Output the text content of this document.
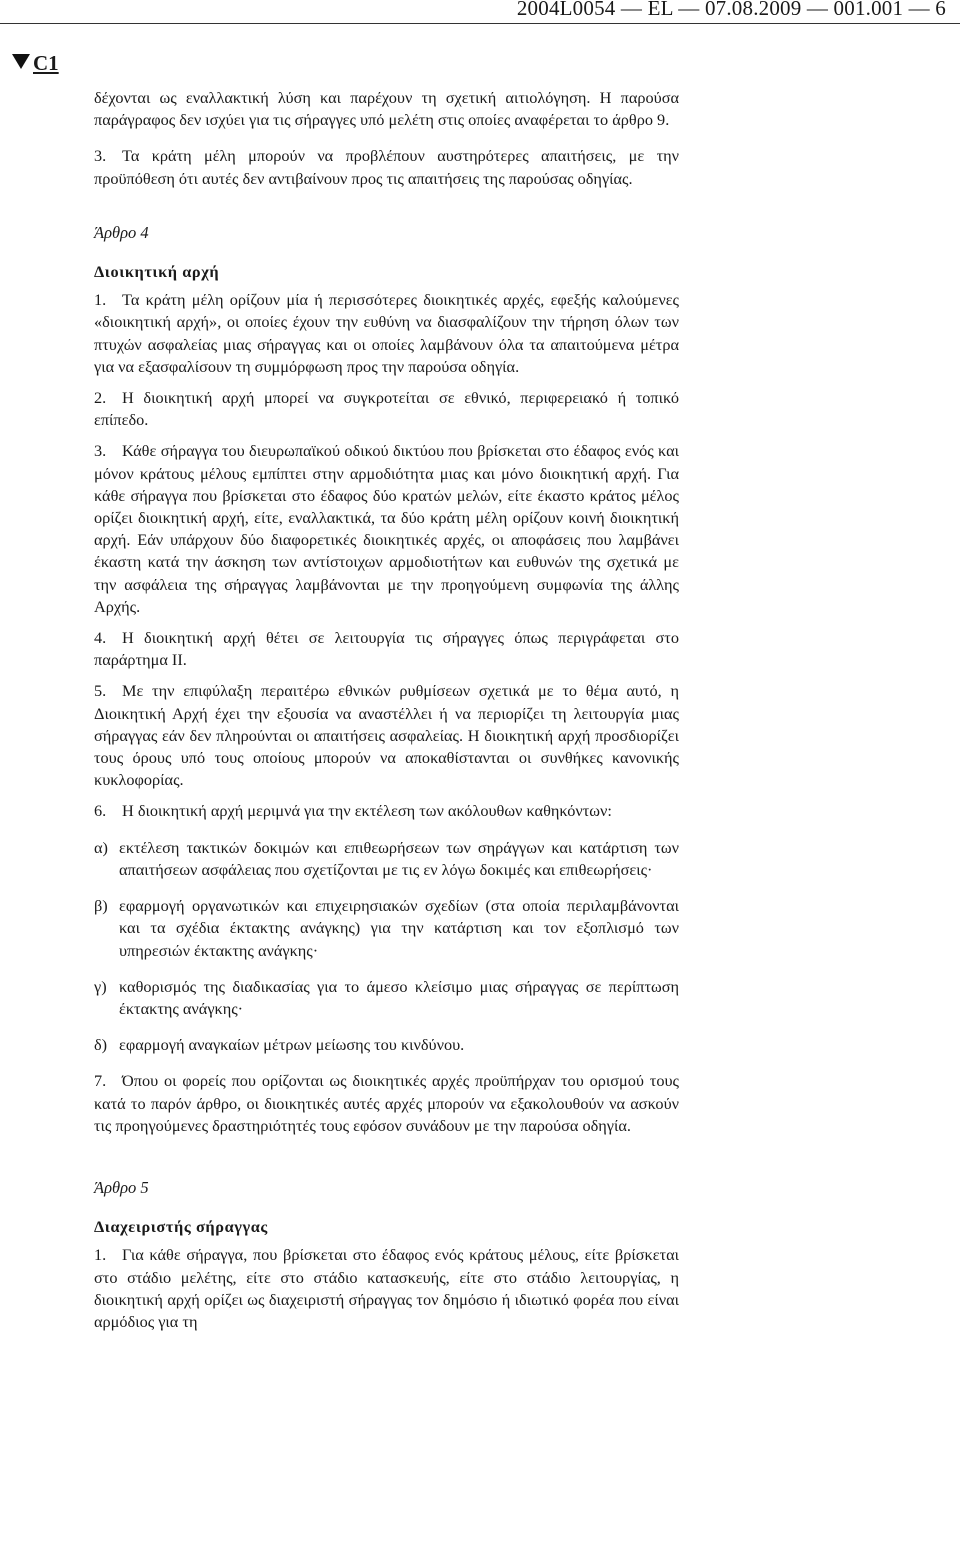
2004L0054 — EL — 07.08.2009 — 001.001 — 6
C1

δέχονται ως εναλλακτική λύση και παρέχουν τη σχετική αιτιολόγηση. Η παρούσα παράγραφος δεν ισχύει για τις σήραγγες υπό μελέτη στις οποίες αναφέρεται το άρθρο 9.

3. Τα κράτη μέλη μπορούν να προβλέπουν αυστηρότερες απαιτήσεις, με την προϋπόθεση ότι αυτές δεν αντιβαίνουν προς τις απαιτήσεις της παρούσας οδηγίας.

Άρθρο 4

Διοικητική αρχή

1. Τα κράτη μέλη ορίζουν μία ή περισσότερες διοικητικές αρχές, εφεξής καλούμενες «διοικητική αρχή», οι οποίες έχουν την ευθύνη να διασφαλίζουν την τήρηση όλων των πτυχών ασφαλείας μιας σήραγγας και οι οποίες λαμβάνουν όλα τα απαιτούμενα μέτρα για να εξασφαλίσουν τη συμμόρφωση προς την παρούσα οδηγία.

2. Η διοικητική αρχή μπορεί να συγκροτείται σε εθνικό, περιφερειακό ή τοπικό επίπεδο.

3. Κάθε σήραγγα του διευρωπαϊκού οδικού δικτύου που βρίσκεται στο έδαφος ενός και μόνον κράτους μέλους εμπίπτει στην αρμοδιότητα μιας και μόνο διοικητική αρχή. Για κάθε σήραγγα που βρίσκεται στο έδαφος δύο κρατών μελών, είτε έκαστο κράτος μέλος ορίζει διοικητική αρχή, είτε, εναλλακτικά, τα δύο κράτη μέλη ορίζουν κοινή διοικητική αρχή. Εάν υπάρχουν δύο διαφορετικές διοικητικές αρχές, οι αποφάσεις που λαμβάνει έκαστη κατά την άσκηση των αντίστοιχων αρμοδιοτήτων και ευθυνών της σχετικά με την ασφάλεια της σήραγγας λαμβάνονται με την προηγούμενη συμφωνία της άλλης Αρχής.

4. Η διοικητική αρχή θέτει σε λειτουργία τις σήραγγες όπως περιγράφεται στο παράρτημα ΙΙ.

5. Με την επιφύλαξη περαιτέρω εθνικών ρυθμίσεων σχετικά με το θέμα αυτό, η Διοικητική Αρχή έχει την εξουσία να αναστέλλει ή να περιορίζει τη λειτουργία μιας σήραγγας εάν δεν πληρούνται οι απαιτήσεις ασφαλείας. Η διοικητική αρχή προσδιορίζει τους όρους υπό τους οποίους μπορούν να αποκαθίστανται οι συνθήκες κανονικής κυκλοφορίας.

6. Η διοικητική αρχή μεριμνά για την εκτέλεση των ακόλουθων καθηκόντων:

α) εκτέλεση τακτικών δοκιμών και επιθεωρήσεων των σηράγγων και κατάρτιση των απαιτήσεων ασφάλειας που σχετίζονται με τις εν λόγω δοκιμές και επιθεωρήσεις·
β) εφαρμογή οργανωτικών και επιχειρησιακών σχεδίων (στα οποία περιλαμβάνονται και τα σχέδια έκτακτης ανάγκης) για την κατάρτιση και τον εξοπλισμό των υπηρεσιών έκτακτης ανάγκης·
γ) καθορισμός της διαδικασίας για το άμεσο κλείσιμο μιας σήραγγας σε περίπτωση έκτακτης ανάγκης·
δ) εφαρμογή αναγκαίων μέτρων μείωσης του κινδύνου.

7. Όπου οι φορείς που ορίζονται ως διοικητικές αρχές προϋπήρχαν του ορισμού τους κατά το παρόν άρθρο, οι διοικητικές αυτές αρχές μπορούν να εξακολουθούν να ασκούν τις προηγούμενες δραστηριότητές τους εφόσον συνάδουν με την παρούσα οδηγία.

Άρθρο 5

Διαχειριστής σήραγγας

1. Για κάθε σήραγγα, που βρίσκεται στο έδαφος ενός κράτους μέλους, είτε βρίσκεται στο στάδιο μελέτης, είτε στο στάδιο κατασκευής, είτε στο στάδιο λειτουργίας, η διοικητική αρχή ορίζει ως διαχειριστή σήραγγας τον δημόσιο ή ιδιωτικό φορέα που είναι αρμόδιος για τη
